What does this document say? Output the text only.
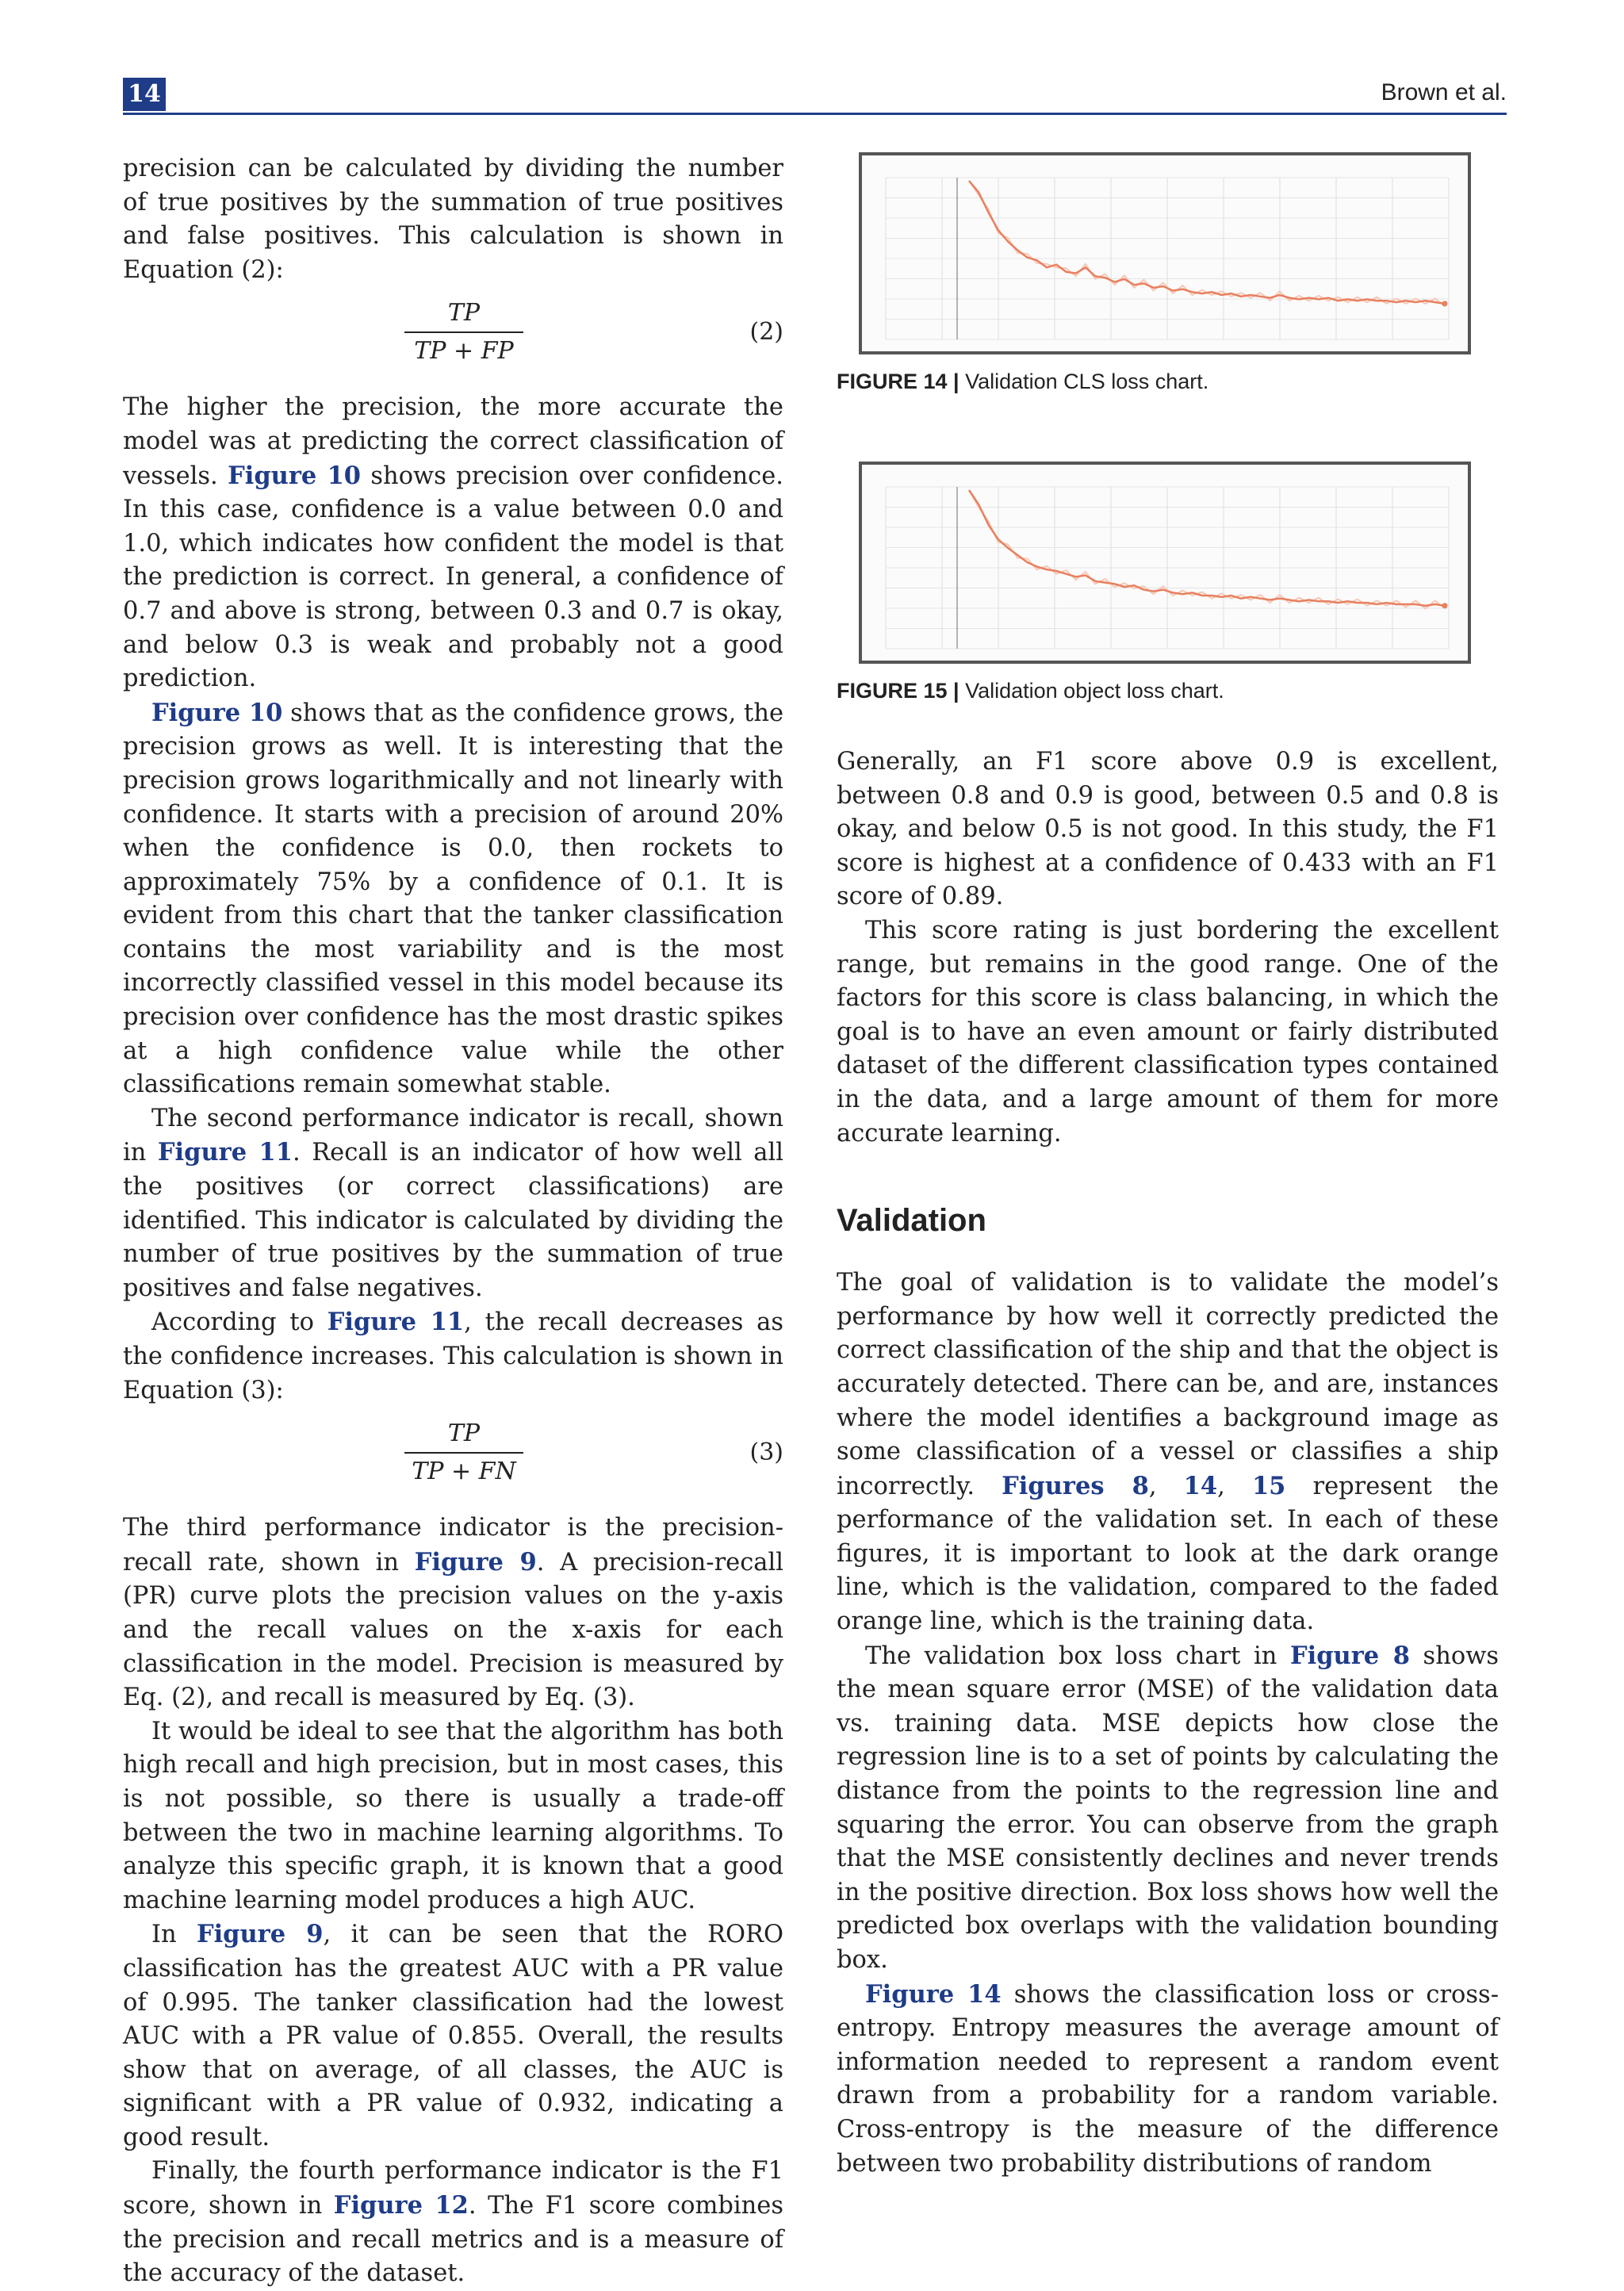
14	Brown et al.

precision can be calculated by dividing the number of true positives by the summation of true positives and false positives. This calculation is shown in Equation (2):

TP
TP + FP
(2)

The higher the precision, the more accurate the model was at predicting the correct classification of vessels. Figure 10 shows precision over confidence. In this case, confidence is a value between 0.0 and 1.0, which indicates how confident the model is that the prediction is correct. In general, a confidence of 0.7 and above is strong, between 0.3 and 0.7 is okay, and below 0.3 is weak and probably not a good prediction.

Figure 10 shows that as the confidence grows, the precision grows as well. It is interesting that the precision grows logarithmically and not linearly with confidence. It starts with a precision of around 20% when the confidence is 0.0, then rockets to approximately 75% by a confidence of 0.1. It is evident from this chart that the tanker classification contains the most variability and is the most incorrectly classified vessel in this model because its precision over confidence has the most drastic spikes at a high confidence value while the other classifications remain somewhat stable.

The second performance indicator is recall, shown in Figure 11. Recall is an indicator of how well all the positives (or correct classifications) are identified. This indicator is calculated by dividing the number of true positives by the summation of true positives and false negatives.

According to Figure 11, the recall decreases as the confidence increases. This calculation is shown in Equation (3):

TP
TP + FN
(3)

The third performance indicator is the precision-recall rate, shown in Figure 9. A precision-recall (PR) curve plots the precision values on the y-axis and the recall values on the x-axis for each classification in the model. Precision is measured by Eq. (2), and recall is measured by Eq. (3).

It would be ideal to see that the algorithm has both high recall and high precision, but in most cases, this is not possible, so there is usually a trade-off between the two in machine learning algorithms. To analyze this specific graph, it is known that a good machine learning model produces a high AUC.

In Figure 9, it can be seen that the RORO classification has the greatest AUC with a PR value of 0.995. The tanker classification had the lowest AUC with a PR value of 0.855. Overall, the results show that on average, of all classes, the AUC is significant with a PR value of 0.932, indicating a good result.

Finally, the fourth performance indicator is the F1 score, shown in Figure 12. The F1 score combines the precision and recall metrics and is a measure of the accuracy of the dataset.

FIGURE 14 | Validation CLS loss chart.
FIGURE 15 | Validation object loss chart.

Generally, an F1 score above 0.9 is excellent, between 0.8 and 0.9 is good, between 0.5 and 0.8 is okay, and below 0.5 is not good. In this study, the F1 score is highest at a confidence of 0.433 with an F1 score of 0.89.

This score rating is just bordering the excellent range, but remains in the good range. One of the factors for this score is class balancing, in which the goal is to have an even amount or fairly distributed dataset of the different classification types contained in the data, and a large amount of them for more accurate learning.

Validation

The goal of validation is to validate the model’s performance by how well it correctly predicted the correct classification of the ship and that the object is accurately detected. There can be, and are, instances where the model identifies a background image as some classification of a vessel or classifies a ship incorrectly. Figures 8, 14, 15 represent the performance of the validation set. In each of these figures, it is important to look at the dark orange line, which is the validation, compared to the faded orange line, which is the training data.

The validation box loss chart in Figure 8 shows the mean square error (MSE) of the validation data vs. training data. MSE depicts how close the regression line is to a set of points by calculating the distance from the points to the regression line and squaring the error. You can observe from the graph that the MSE consistently declines and never trends in the positive direction. Box loss shows how well the predicted box overlaps with the validation bounding box.

Figure 14 shows the classification loss or cross-entropy. Entropy measures the average amount of information needed to represent a random event drawn from a probability for a random variable. Cross-entropy is the measure of the difference between two probability distributions of random
